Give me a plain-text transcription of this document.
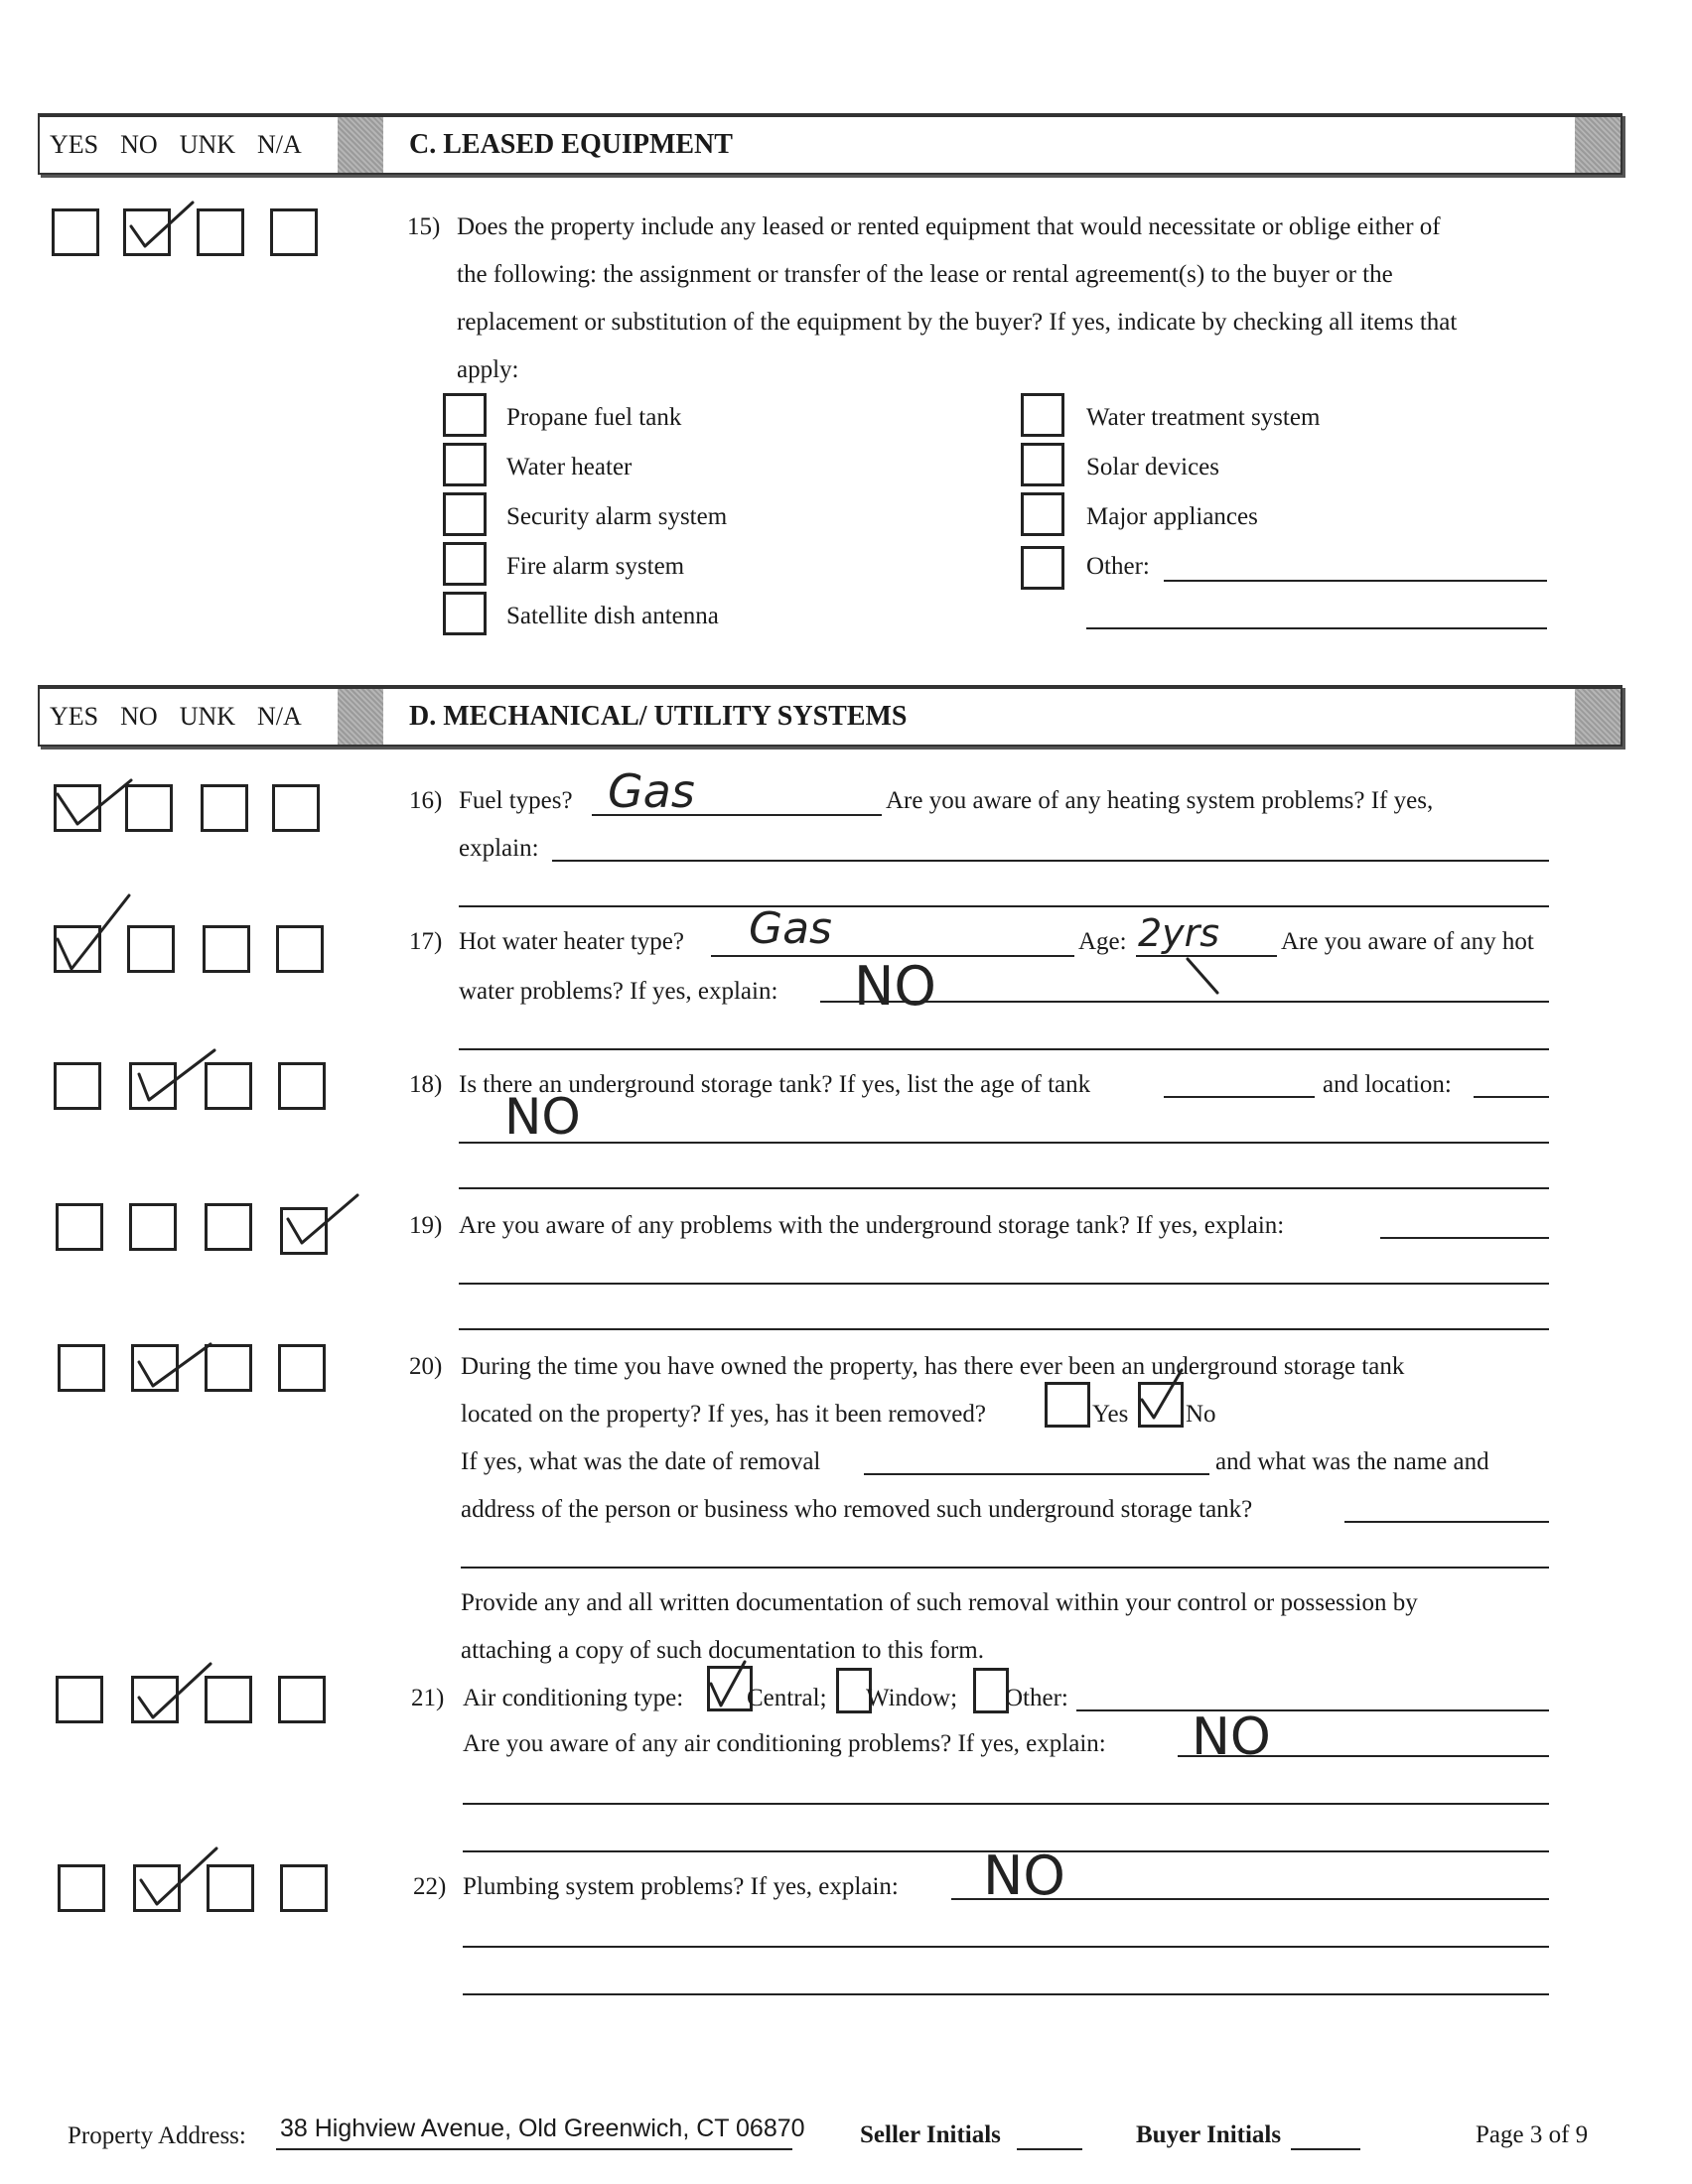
YES NO UNK N/A	C. LEASED EQUIPMENT
15) Does the property include any leased or rented equipment that would necessitate or oblige either of
the following: the assignment or transfer of the lease or rental agreement(s) to the buyer or the
replacement or substitution of the equipment by the buyer? If yes, indicate by checking all items that
apply:
Propane fuel tank
Water heater
Security alarm system
Fire alarm system
Satellite dish antenna
Water treatment system
Solar devices
Major appliances
Other:
YES NO UNK N/A	D. MECHANICAL/ UTILITY SYSTEMS
16) Fuel types? Gas	Are you aware of any heating system problems? If yes,
explain:
17) Hot water heater type? Gas	Age: 2yrs Are you aware of any hot
water problems? If yes, explain: NO
18) Is there an underground storage tank? If yes, list the age of tank	and location:
NO
19) Are you aware of any problems with the underground storage tank? If yes, explain:
20) During the time you have owned the property, has there ever been an underground storage tank
located on the property? If yes, has it been removed?	Yes No
If yes, what was the date of removal	and what was the name and
address of the person or business who removed such underground storage tank?
Provide any and all written documentation of such removal within your control or possession by
attaching a copy of such documentation to this form.
21) Air conditioning type:	Central; Window; Other:
Are you aware of any air conditioning problems? If yes, explain: NO
22) Plumbing system problems? If yes, explain: NO
Property Address: 38 Highview Avenue, Old Greenwich, CT 06870 Seller Initials	Buyer Initials	Page 3 of 9
